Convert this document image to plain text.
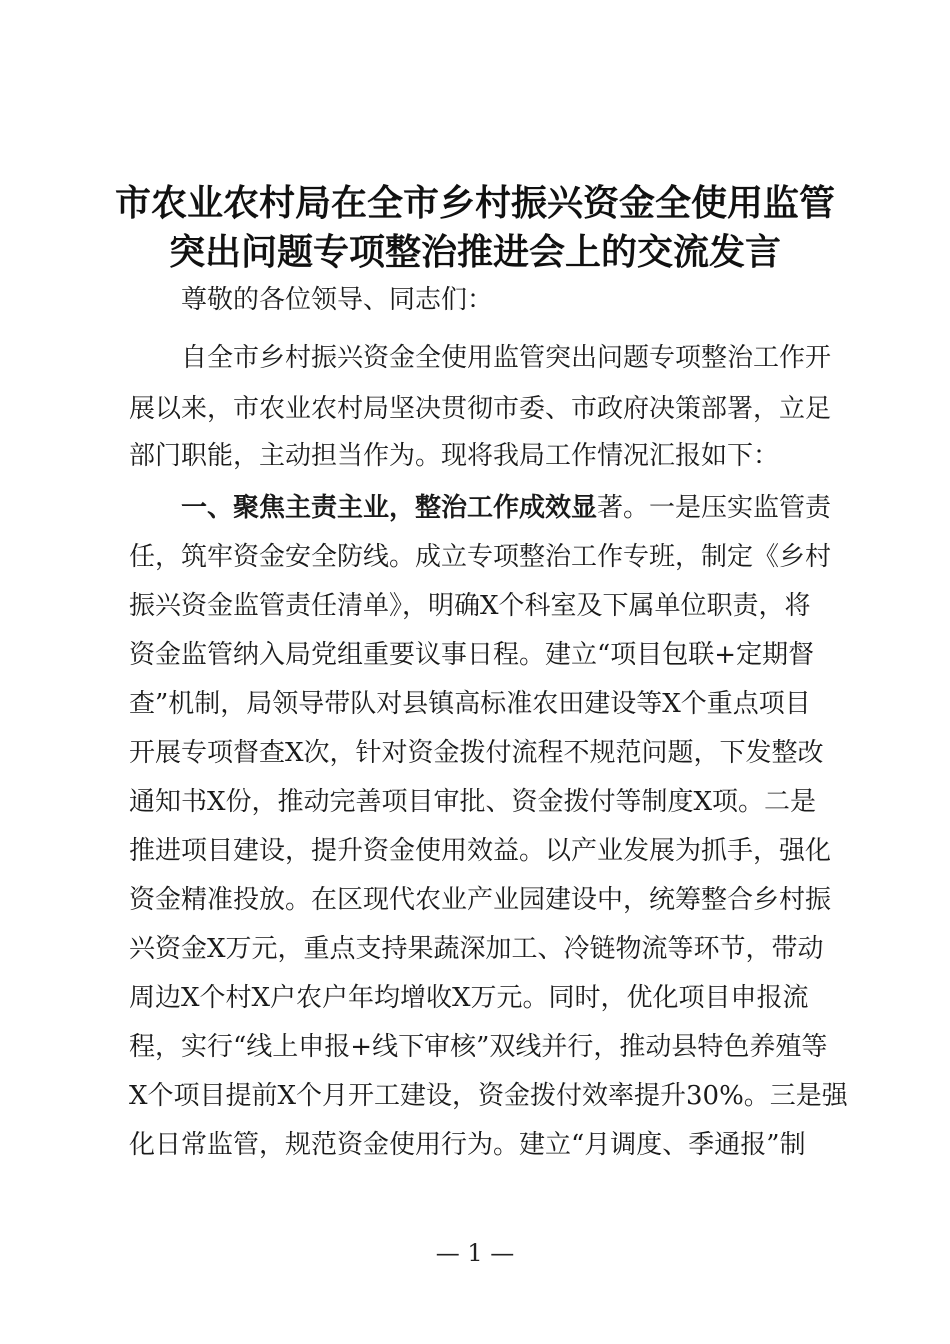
市农业农村局在全市乡村振兴资金全使用监管
突出问题专项整治推进会上的交流发言
尊敬的各位领导、同志们：
自全市乡村振兴资金全使用监管突出问题专项整治工作开
展以来，市农业农村局坚决贯彻市委、市政府决策部署，立足
部门职能，主动担当作为。现将我局工作情况汇报如下：
一、聚焦主责主业，整治工作成效显著。一是压实监管责
任，筑牢资金安全防线。成立专项整治工作专班，制定《乡村
振兴资金监管责任清单》，明确X个科室及下属单位职责，将
资金监管纳入局党组重要议事日程。建立“项目包联+定期督
查”机制，局领导带队对县镇高标准农田建设等X个重点项目
开展专项督查X次，针对资金拨付流程不规范问题，下发整改
通知书X份，推动完善项目审批、资金拨付等制度X项。二是
推进项目建设，提升资金使用效益。以产业发展为抓手，强化
资金精准投放。在区现代农业产业园建设中，统筹整合乡村振
兴资金X万元，重点支持果蔬深加工、冷链物流等环节，带动
周边X个村X户农户年均增收X万元。同时，优化项目申报流
程，实行“线上申报+线下审核”双线并行，推动县特色养殖等
X个项目提前X个月开工建设，资金拨付效率提升30%。三是强
化日常监管，规范资金使用行为。建立“月调度、季通报”制
— 1 —
